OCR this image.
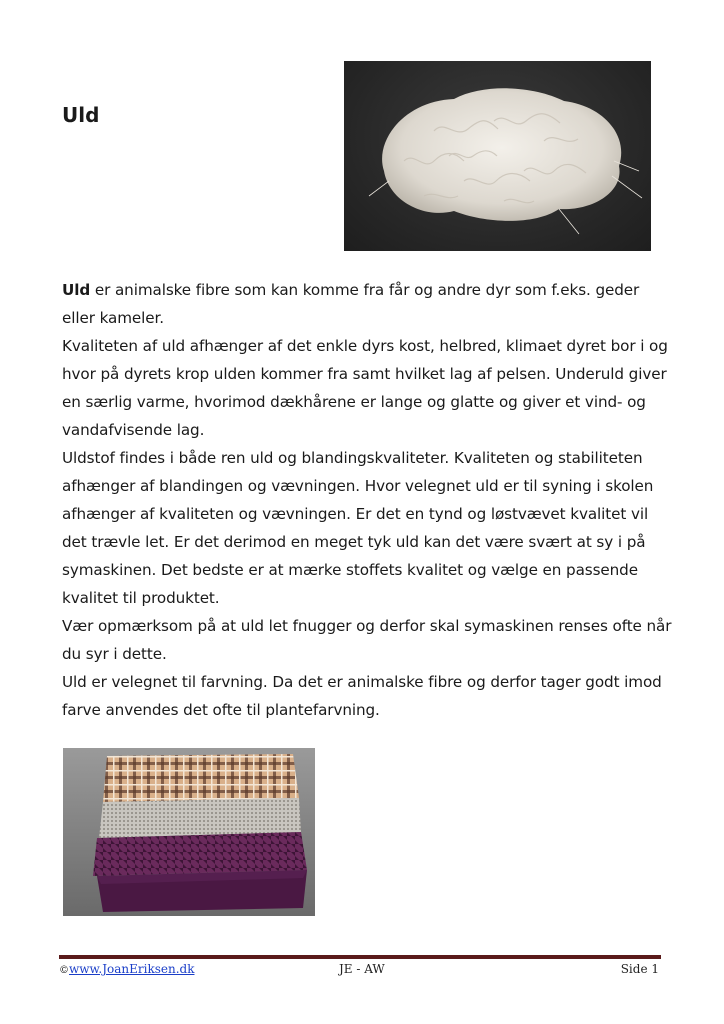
Uld

Uld er animalske fibre som kan komme fra får og andre dyr som f.eks. geder eller kameler.

Kvaliteten af uld afhænger af det enkle dyrs kost, helbred, klimaet dyret bor i og hvor på dyrets krop ulden kommer fra samt hvilket lag af pelsen. Underuld giver en særlig varme, hvorimod dækhårene er lange og glatte og giver et vind- og vandafvisende lag.

Uldstof findes i både ren uld og blandingskvaliteter. Kvaliteten og stabiliteten afhænger af blandingen og vævningen. Hvor velegnet uld er til syning i skolen afhænger af kvaliteten og vævningen. Er det en tynd og løstvævet kvalitet vil det trævle let. Er det derimod en meget tyk uld kan det være svært at sy i på symaskinen. Det bedste er at mærke stoffets kvalitet og vælge en passende kvalitet til produktet.

Vær opmærksom på at uld let fnugger og derfor skal symaskinen renses ofte når du syr i dette.

Uld er velegnet til farvning. Da det er animalske fibre og derfor tager godt imod farve anvendes det ofte til plantefarvning.

©www.JoanEriksen.dk	JE - AW	Side 1
